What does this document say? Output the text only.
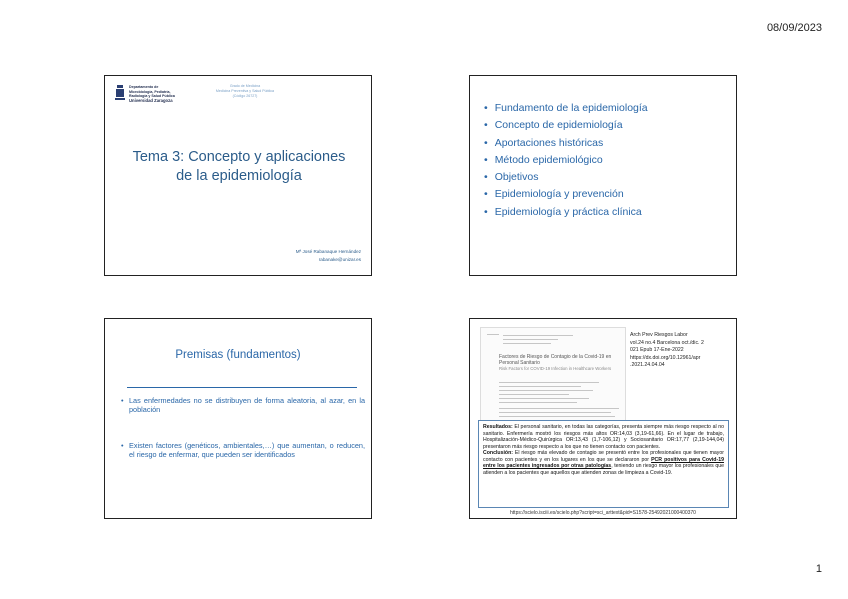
08/09/2023
Departamento de
Microbiología, Pediatría,
Radiología y Salud Pública
Universidad Zaragoza
Grado de Medicina
Medicina Preventiva y Salud Pública
(Código 26727)
Tema 3: Concepto y aplicaciones
de la epidemiología
Mª José Rabanaque Hernández
rabanake@unizar.es
• Fundamento de la epidemiología
• Concepto de epidemiología
• Aportaciones históricas
• Método epidemiológico
• Objetivos
• Epidemiología y prevención
• Epidemiología y práctica clínica
Premisas (fundamentos)
• Las enfermedades no se distribuyen de forma aleatoria, al azar, en la población
• Existen factores (genéticos, ambientales,…) que aumentan, o reducen, el riesgo de enfermar, que pueden ser identificados
Factores de Riesgo de Contagio de la Covid-19 en Personal Sanitario
Risk Factors for COVID-19 Infection in Healthcare Workers
Arch Prev Riesgos Labor
vol.24 no.4 Barcelona oct./dic. 2
021 Epub 17-Ene-2022
https://dx.doi.org/10.12961/apr
.2021.24.04.04
Resultados: El personal sanitario, en todas las categorías, presenta siempre más riesgo respecto al no sanitario. Enfermería mostró los riesgos más altos OR:14,03 (3,19-61,66). En el lugar de trabajo, Hospitalización-Médico-Quirúrgica OR:13,43 (1,7-106,12) y Sociosanitario OR:17,77 (2,19-144,04) presentaron más riesgo respecto a los que no tienen contacto con pacientes.
Conclusión: El riesgo más elevado de contagio se presentó entre los profesionales que tienen mayor contacto con pacientes y en los lugares en los que se declararon por PCR positivos para Covid-19 entre los pacientes ingresados por otras patologías, teniendo un riesgo mayor los profesionales que atienden a los pacientes que aquellos que atienden zonas de limpieza a Covid-19.
https://scielo.isciii.es/scielo.php?script=sci_arttext&pid=S1578-25492021000400370
1
